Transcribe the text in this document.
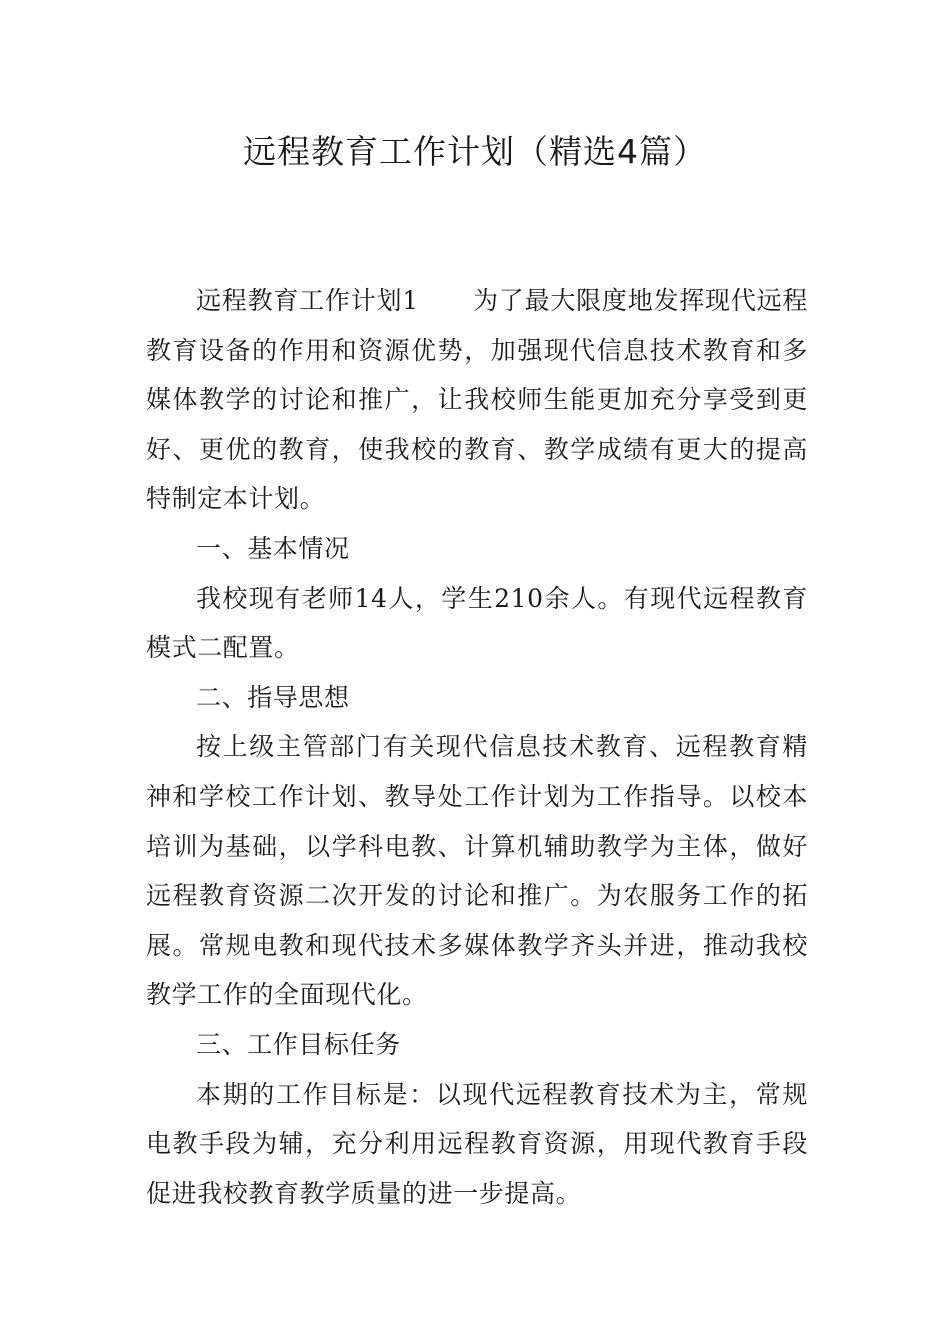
远程教育工作计划（精选4篇）

远程教育工作计划1 为了最大限度地发挥现代远程教育设备的作用和资源优势，加强现代信息技术教育和多媒体教学的讨论和推广，让我校师生能更加充分享受到更好、更优的教育，使我校的教育、教学成绩有更大的提高特制定本计划。

一、基本情况

我校现有老师14人，学生210余人。有现代远程教育模式二配置。

二、指导思想

按上级主管部门有关现代信息技术教育、远程教育精神和学校工作计划、教导处工作计划为工作指导。以校本培训为基础，以学科电教、计算机辅助教学为主体，做好远程教育资源二次开发的讨论和推广。为农服务工作的拓展。常规电教和现代技术多媒体教学齐头并进，推动我校教学工作的全面现代化。

三、工作目标任务

本期的工作目标是：以现代远程教育技术为主，常规电教手段为辅，充分利用远程教育资源，用现代教育手段促进我校教育教学质量的进一步提高。
